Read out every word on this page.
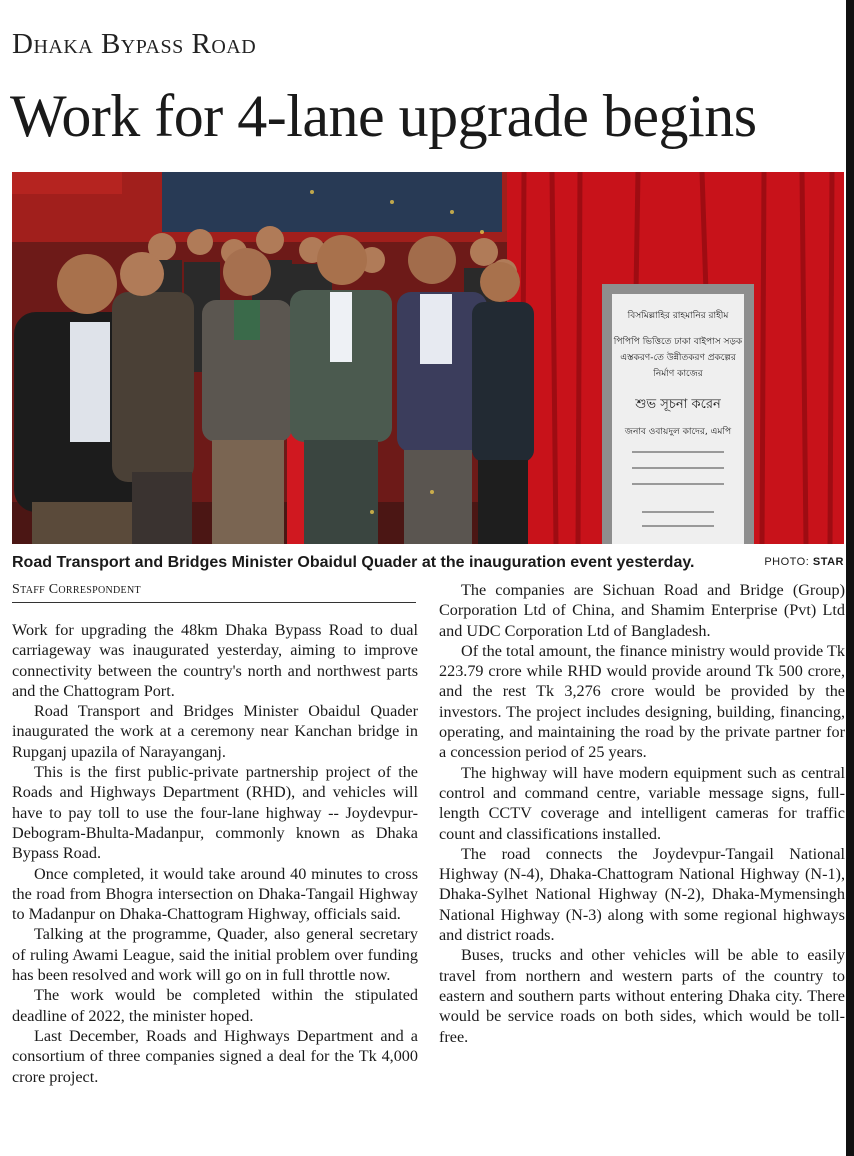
Dhaka Bypass Road
Work for 4-lane upgrade begins
বিসমিল্লাহির রাহমানির রাহীম
পিপিপি ভিত্তিতে ঢাকা বাইপাস সড়ক
এস্তকরণ-তে উন্নীতকরণ প্রকল্পের
নির্মাণ কাজের
শুভ সূচনা করেন
জনাব ওবায়দুল কাদের, এমপি
Road Transport and Bridges Minister Obaidul Quader at the inauguration event yesterday.	PHOTO: STAR
Staff Correspondent

Work for upgrading the 48km Dhaka Bypass Road to dual carriageway was inaugurated yesterday, aiming to improve connectivity between the country's north and northwest parts and the Chattogram Port.

Road Transport and Bridges Minister Obaidul Quader inaugurated the work at a ceremony near Kanchan bridge in Rupganj upazila of Narayanganj.

This is the first public-private partnership project of the Roads and Highways Department (RHD), and vehicles will have to pay toll to use the four-lane highway -- Joydevpur-Debogram-Bhulta-Madanpur, commonly known as Dhaka Bypass Road.

Once completed, it would take around 40 minutes to cross the road from Bhogra intersection on Dhaka-Tangail Highway to Madanpur on Dhaka-Chattogram Highway, officials said.

Talking at the programme, Quader, also general secretary of ruling Awami League, said the initial problem over funding has been resolved and work will go on in full throttle now.

The work would be completed within the stipulated deadline of 2022, the minister hoped.

Last December, Roads and Highways Department and a consortium of three companies signed a deal for the Tk 4,000 crore project.

The companies are Sichuan Road and Bridge (Group) Corporation Ltd of China, and Shamim Enterprise (Pvt) Ltd and UDC Corporation Ltd of Bangladesh.

Of the total amount, the finance ministry would provide Tk 223.79 crore while RHD would provide around Tk 500 crore, and the rest Tk 3,276 crore would be provided by the investors. The project includes designing, building, financing, operating, and maintaining the road by the private partner for a concession period of 25 years.

The highway will have modern equipment such as central control and command centre, variable message signs, full-length CCTV coverage and intelligent cameras for traffic count and classifications installed.

The road connects the Joydevpur-Tangail National Highway (N-4), Dhaka-Chattogram National Highway (N-1), Dhaka-Sylhet National Highway (N-2), Dhaka-Mymensingh National Highway (N-3) along with some regional highways and district roads.

Buses, trucks and other vehicles will be able to easily travel from northern and western parts of the country to eastern and southern parts without entering Dhaka city. There would be service roads on both sides, which would be toll-free.
